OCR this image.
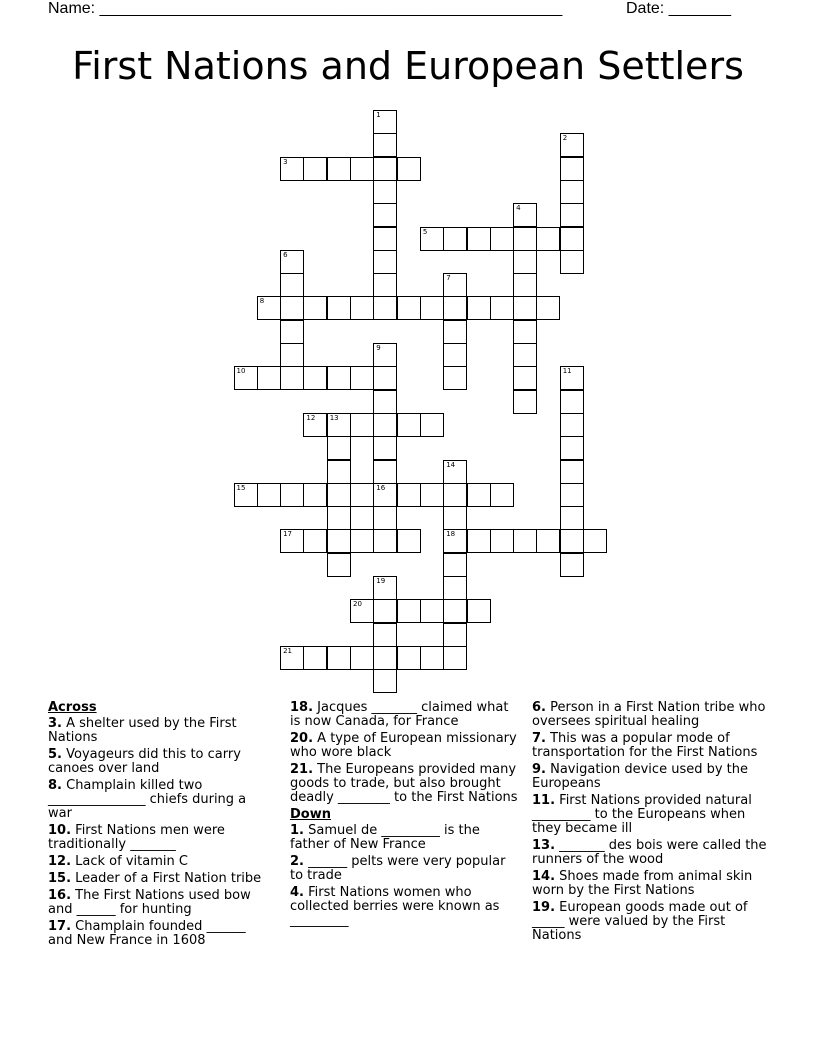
Name: ____________________________________________________	Date: _______
First Nations and European Settlers
1
2
3
4
5
6
7
8
9
16
10	11
12 13
14
18
15
17
19
20
21
Across
3. A shelter used by the First Nations
5. Voyageurs did this to carry canoes over land
8. Champlain killed two _______________ chiefs during a war
10. First Nations men were traditionally _______
12. Lack of vitamin C
15. Leader of a First Nation tribe
16. The First Nations used bow and ______ for hunting
17. Champlain founded ______ and New France in 1608
18. Jacques _______ claimed what is now Canada, for France
20. A type of European missionary who wore black
21. The Europeans provided many goods to trade, but also brought deadly ________ to the First Nations
Down
1. Samuel de _________ is the father of New France
2. ______ pelts were very popular to trade
4. First Nations women who collected berries were known as _________
6. Person in a First Nation tribe who oversees spiritual healing
7. This was a popular mode of transportation for the First Nations
9. Navigation device used by the Europeans
11. First Nations provided natural _________ to the Europeans when they became ill
13. _______ des bois were called the runners of the wood
14. Shoes made from animal skin worn by the First Nations
19. European goods made out of _____ were valued by the First Nations
